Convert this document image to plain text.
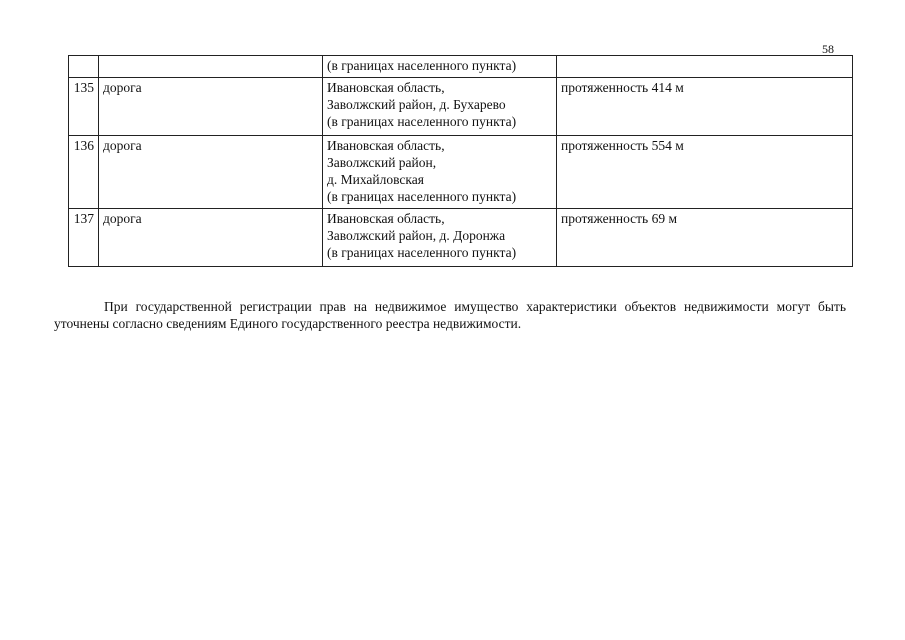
58

		(в границах населенного пункта)	

135	дорога	Ивановская область,
Заволжский район, д. Бухарево
(в границах населенного пункта)	протяженность 414 м
136	дорога	Ивановская область,
Заволжский район,
д. Михайловская
(в границах населенного пункта)	протяженность 554 м
137	дорога	Ивановская область,
Заволжский район, д. Доронжа
(в границах населенного пункта)	протяженность 69 м

При государственной регистрации прав на недвижимое имущество характеристики объектов недвижимости могут быть уточнены согласно сведениям Единого государственного реестра недвижимости.
